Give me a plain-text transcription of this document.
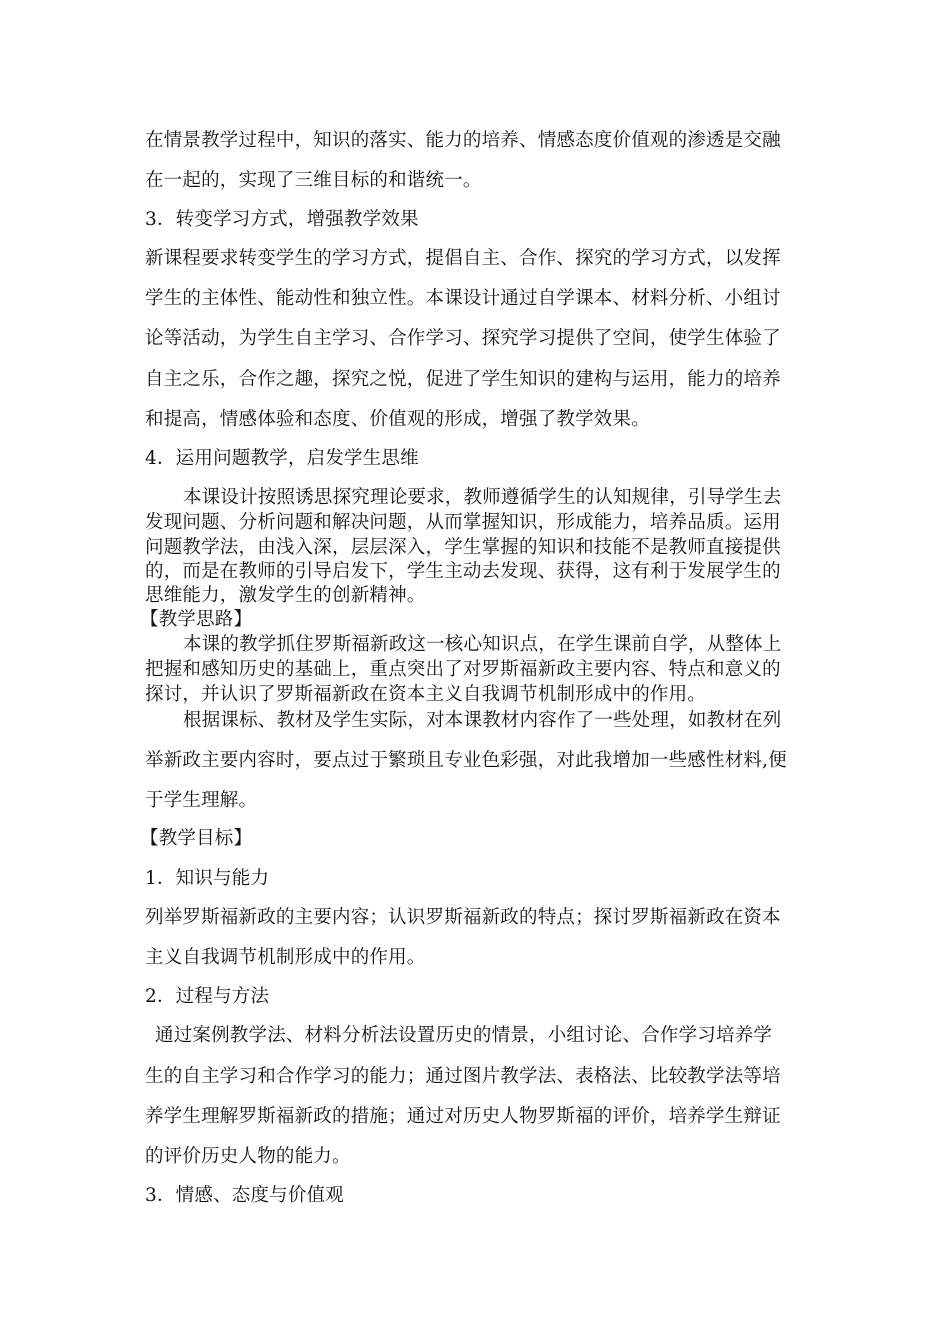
在情景教学过程中，知识的落实、能力的培养、情感态度价值观的渗透是交融

在一起的，实现了三维目标的和谐统一。

3．转变学习方式，增强教学效果

新课程要求转变学生的学习方式，提倡自主、合作、探究的学习方式，以发挥

学生的主体性、能动性和独立性。本课设计通过自学课本、材料分析、小组讨

论等活动，为学生自主学习、合作学习、探究学习提供了空间，使学生体验了

自主之乐，合作之趣，探究之悦，促进了学生知识的建构与运用，能力的培养

和提高，情感体验和态度、价值观的形成，增强了教学效果。

4．运用问题教学，启发学生思维

本课设计按照诱思探究理论要求，教师遵循学生的认知规律，引导学生去

发现问题、分析问题和解决问题，从而掌握知识，形成能力，培养品质。运用

问题教学法，由浅入深，层层深入，学生掌握的知识和技能不是教师直接提供

的，而是在教师的引导启发下，学生主动去发现、获得，这有利于发展学生的

思维能力，激发学生的创新精神。

【教学思路】

本课的教学抓住罗斯福新政这一核心知识点，在学生课前自学，从整体上

把握和感知历史的基础上，重点突出了对罗斯福新政主要内容、特点和意义的

探讨，并认识了罗斯福新政在资本主义自我调节机制形成中的作用。

根据课标、教材及学生实际，对本课教材内容作了一些处理，如教材在列

举新政主要内容时，要点过于繁琐且专业色彩强，对此我增加一些感性材料,便

于学生理解。

【教学目标】

1．知识与能力

列举罗斯福新政的主要内容；认识罗斯福新政的特点；探讨罗斯福新政在资本

主义自我调节机制形成中的作用。

2．过程与方法

通过案例教学法、材料分析法设置历史的情景，小组讨论、合作学习培养学

生的自主学习和合作学习的能力；通过图片教学法、表格法、比较教学法等培

养学生理解罗斯福新政的措施；通过对历史人物罗斯福的评价，培养学生辩证

的评价历史人物的能力。

3．情感、态度与价值观
